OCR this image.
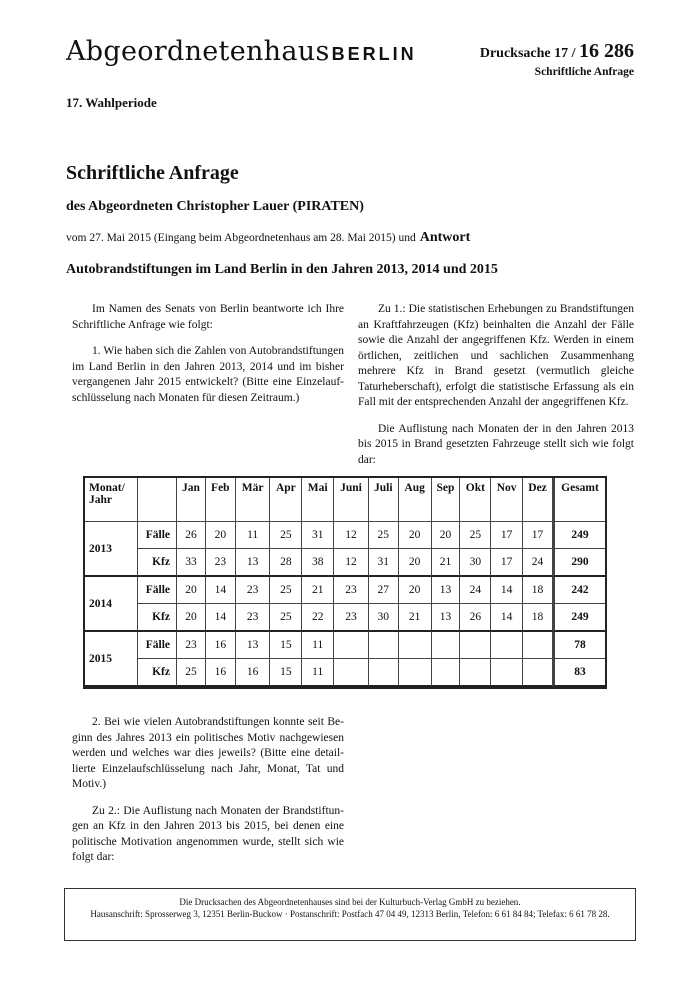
Abgeordnetenhaus BERLIN	Drucksache 17 / 16 286
Schriftliche Anfrage
17. Wahlperiode
Schriftliche Anfrage
des Abgeordneten Christopher Lauer (PIRATEN)
vom 27. Mai 2015 (Eingang beim Abgeordnetenhaus am 28. Mai 2015) und Antwort
Autobrandstiftungen im Land Berlin in den Jahren 2013, 2014 und 2015

Im Namen des Senats von Berlin beantworte ich Ihre Schriftliche Anfrage wie folgt:

1. Wie haben sich die Zahlen von Autobrandstiftungen im Land Berlin in den Jahren 2013, 2014 und im bisher vergangenen Jahr 2015 entwickelt? (Bitte eine Einzelaufschlüsselung nach Monaten für diesen Zeitraum.)

Zu 1.: Die statistischen Erhebungen zu Brandstiftungen an Kraftfahrzeugen (Kfz) beinhalten die Anzahl der Fälle sowie die Anzahl der angegriffenen Kfz. Werden in einem örtlichen, zeitlichen und sachlichen Zusammenhang mehrere Kfz in Brand gesetzt (vermutlich gleiche Taturheberschaft), erfolgt die statistische Erfassung als ein Fall mit der entsprechenden Anzahl der angegriffenen Kfz.

Die Auflistung nach Monaten der in den Jahren 2013 bis 2015 in Brand gesetzten Fahrzeuge stellt sich wie folgt dar:

Monat/
Jahr		Jan	Feb	Mär	Apr	Mai	Juni	Juli	Aug	Sep	Okt	Nov	Dez	Gesamt
2013	Fälle	26	20	11	25	31	12	25	20	20	25	17	17	249
	Kfz	33	23	13	28	38	12	31	20	21	30	17	24	290
2014	Fälle	20	14	23	25	21	23	27	20	13	24	14	18	242
	Kfz	20	14	23	25	22	23	30	21	13	26	14	18	249
2015	Fälle	23	16	13	15	11								78
	Kfz	25	16	16	15	11								83

2. Bei wie vielen Autobrandstiftungen konnte seit Beginn des Jahres 2013 ein politisches Motiv nachgewiesen werden und welches war dies jeweils? (Bitte eine detaillierte Einzelaufschlüsselung nach Jahr, Monat, Tat und Motiv.)

Zu 2.: Die Auflistung nach Monaten der Brandstiftungen an Kfz in den Jahren 2013 bis 2015, bei denen eine politische Motivation angenommen wurde, stellt sich wie folgt dar:

Die Drucksachen des Abgeordnetenhauses sind bei der Kulturbuch-Verlag GmbH zu beziehen.
Hausanschrift: Sprosserweg 3, 12351 Berlin-Buckow · Postanschrift: Postfach 47 04 49, 12313 Berlin, Telefon: 6 61 84 84; Telefax: 6 61 78 28.
